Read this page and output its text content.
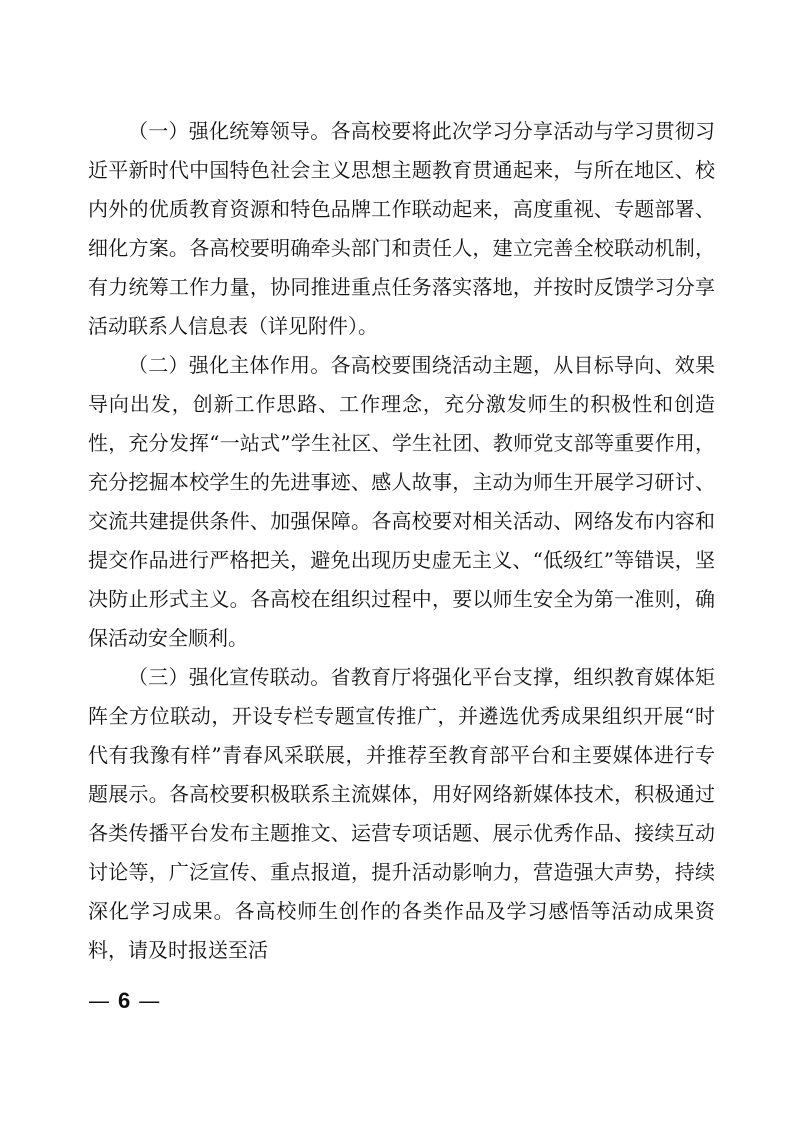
（一）强化统筹领导。各高校要将此次学习分享活动与学习贯彻习近平新时代中国特色社会主义思想主题教育贯通起来，与所在地区、校内外的优质教育资源和特色品牌工作联动起来，高度重视、专题部署、细化方案。各高校要明确牵头部门和责任人，建立完善全校联动机制，有力统筹工作力量，协同推进重点任务落实落地，并按时反馈学习分享活动联系人信息表（详见附件）。

（二）强化主体作用。各高校要围绕活动主题，从目标导向、效果导向出发，创新工作思路、工作理念，充分激发师生的积极性和创造性，充分发挥“一站式”学生社区、学生社团、教师党支部等重要作用，充分挖掘本校学生的先进事迹、感人故事，主动为师生开展学习研讨、交流共建提供条件、加强保障。各高校要对相关活动、网络发布内容和提交作品进行严格把关，避免出现历史虚无主义、“低级红”等错误，坚决防止形式主义。各高校在组织过程中，要以师生安全为第一准则，确保活动安全顺利。

（三）强化宣传联动。省教育厅将强化平台支撑，组织教育媒体矩阵全方位联动，开设专栏专题宣传推广，并遴选优秀成果组织开展“时代有我豫有样”青春风采联展，并推荐至教育部平台和主要媒体进行专题展示。各高校要积极联系主流媒体，用好网络新媒体技术，积极通过各类传播平台发布主题推文、运营专项话题、展示优秀作品、接续互动讨论等，广泛宣传、重点报道，提升活动影响力，营造强大声势，持续深化学习成果。各高校师生创作的各类作品及学习感悟等活动成果资料，请及时报送至活

— 6 —
